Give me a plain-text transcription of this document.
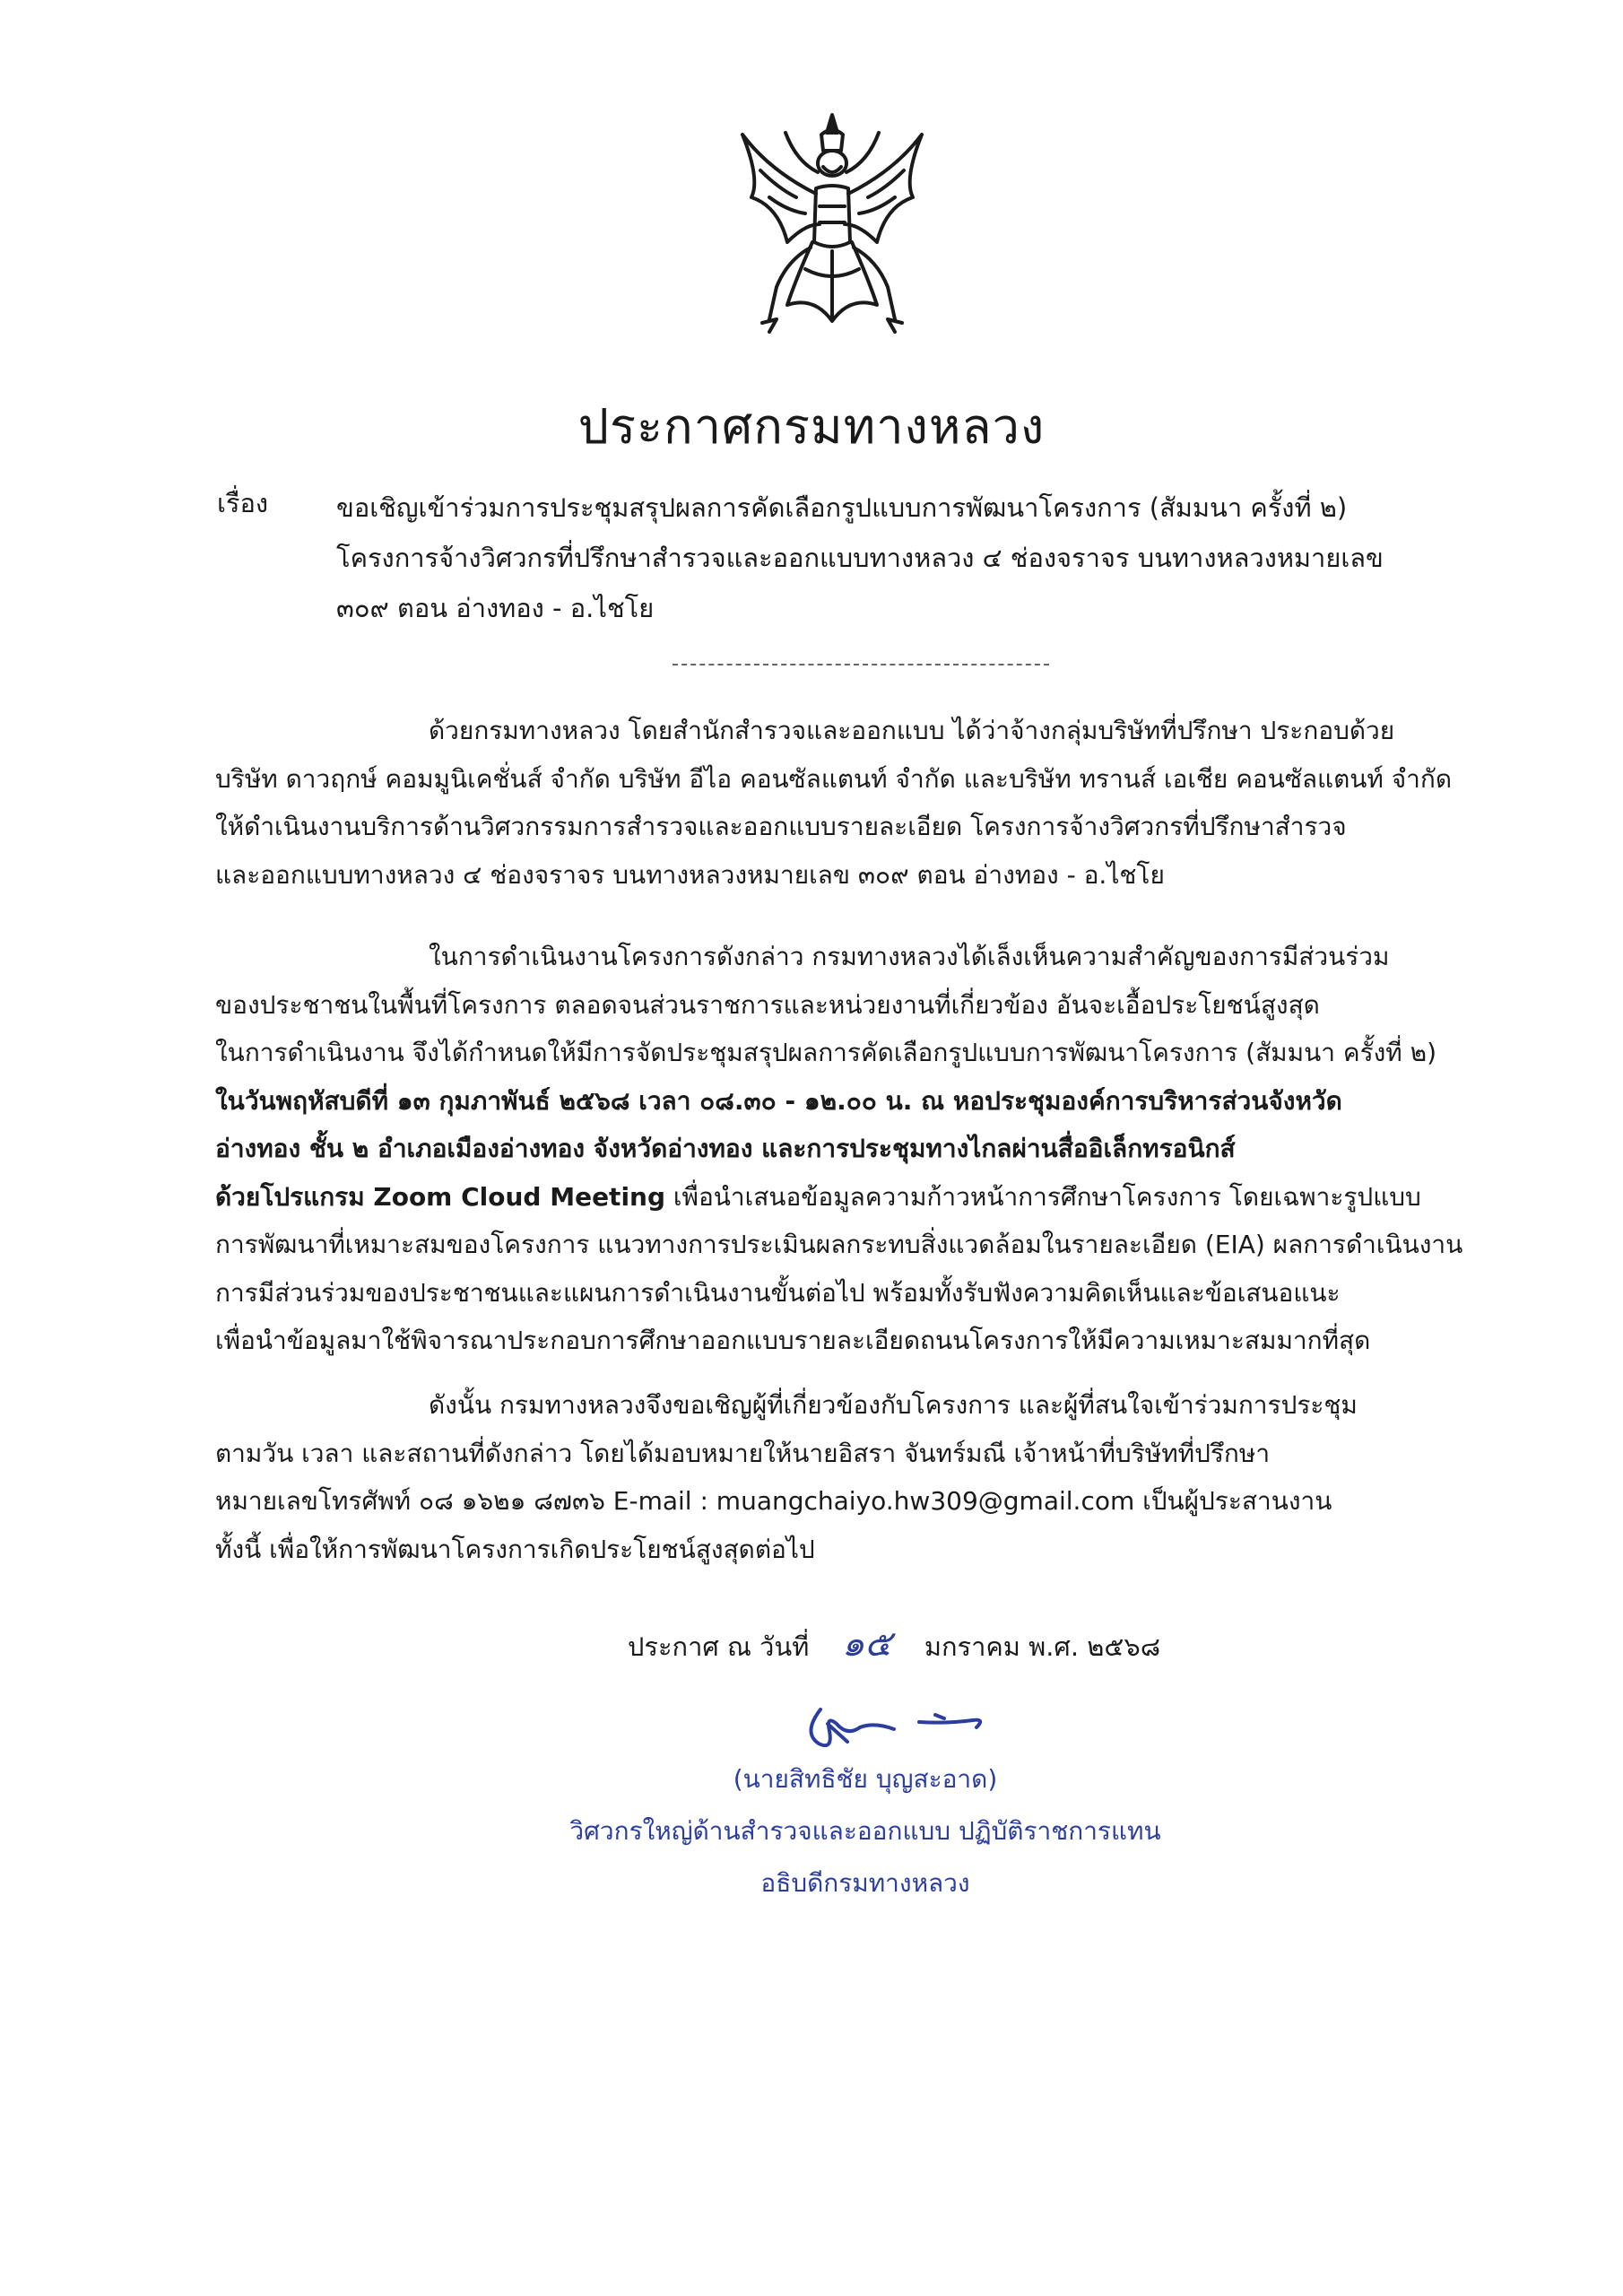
ประกาศกรมทางหลวง
เรื่อง	ขอเชิญเข้าร่วมการประชุมสรุปผลการคัดเลือกรูปแบบการพัฒนาโครงการ (สัมมนา ครั้งที่ ๒)
โครงการจ้างวิศวกรที่ปรึกษาสำรวจและออกแบบทางหลวง ๔ ช่องจราจร บนทางหลวงหมายเลข
๓๐๙ ตอน อ่างทอง - อ.ไชโย
ด้วยกรมทางหลวง โดยสำนักสำรวจและออกแบบ ได้ว่าจ้างกลุ่มบริษัทที่ปรึกษา ประกอบด้วย
บริษัท ดาวฤกษ์ คอมมูนิเคชั่นส์ จำกัด บริษัท อีไอ คอนซัลแตนท์ จำกัด และบริษัท ทรานส์ เอเชีย คอนซัลแตนท์ จำกัด
ให้ดำเนินงานบริการด้านวิศวกรรมการสำรวจและออกแบบรายละเอียด โครงการจ้างวิศวกรที่ปรึกษาสำรวจ
และออกแบบทางหลวง ๔ ช่องจราจร บนทางหลวงหมายเลข ๓๐๙ ตอน อ่างทอง - อ.ไชโย
ในการดำเนินงานโครงการดังกล่าว กรมทางหลวงได้เล็งเห็นความสำคัญของการมีส่วนร่วม
ของประชาชนในพื้นที่โครงการ ตลอดจนส่วนราชการและหน่วยงานที่เกี่ยวข้อง อันจะเอื้อประโยชน์สูงสุด
ในการดำเนินงาน จึงได้กำหนดให้มีการจัดประชุมสรุปผลการคัดเลือกรูปแบบการพัฒนาโครงการ (สัมมนา ครั้งที่ ๒)
ในวันพฤหัสบดีที่ ๑๓ กุมภาพันธ์ ๒๕๖๘ เวลา ๐๘.๓๐ - ๑๒.๐๐ น. ณ หอประชุมองค์การบริหารส่วนจังหวัด
อ่างทอง ชั้น ๒ อำเภอเมืองอ่างทอง จังหวัดอ่างทอง และการประชุมทางไกลผ่านสื่ออิเล็กทรอนิกส์
ด้วยโปรแกรม Zoom Cloud Meeting เพื่อนำเสนอข้อมูลความก้าวหน้าการศึกษาโครงการ โดยเฉพาะรูปแบบ
การพัฒนาที่เหมาะสมของโครงการ แนวทางการประเมินผลกระทบสิ่งแวดล้อมในรายละเอียด (EIA) ผลการดำเนินงาน
การมีส่วนร่วมของประชาชนและแผนการดำเนินงานขั้นต่อไป พร้อมทั้งรับฟังความคิดเห็นและข้อเสนอแนะ
เพื่อนำข้อมูลมาใช้พิจารณาประกอบการศึกษาออกแบบรายละเอียดถนนโครงการให้มีความเหมาะสมมากที่สุด
ดังนั้น กรมทางหลวงจึงขอเชิญผู้ที่เกี่ยวข้องกับโครงการ และผู้ที่สนใจเข้าร่วมการประชุม
ตามวัน เวลา และสถานที่ดังกล่าว โดยได้มอบหมายให้นายอิสรา จันทร์มณี เจ้าหน้าที่บริษัทที่ปรึกษา
หมายเลขโทรศัพท์ ๐๘ ๑๖๒๑ ๘๗๓๖ E-mail : muangchaiyo.hw309@gmail.com เป็นผู้ประสานงาน
ทั้งนี้ เพื่อให้การพัฒนาโครงการเกิดประโยชน์สูงสุดต่อไป
ประกาศ ณ วันที่ ๑๕ มกราคม พ.ศ. ๒๕๖๘
(นายสิทธิชัย บุญสะอาด)
วิศวกรใหญ่ด้านสำรวจและออกแบบ ปฏิบัติราชการแทน
อธิบดีกรมทางหลวง
